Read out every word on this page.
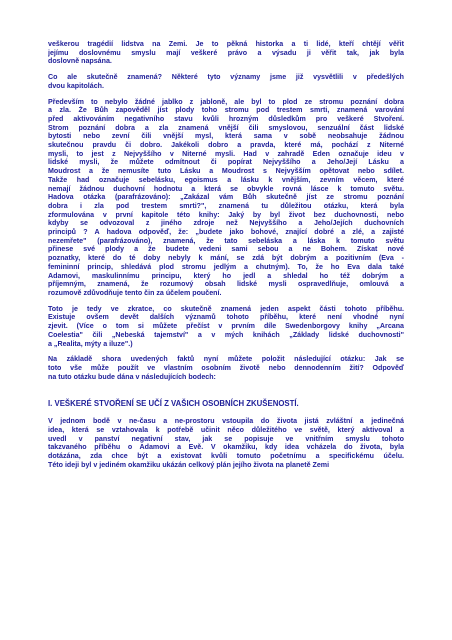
veškerou tragédií lidstva na Zemi. Je to pěkná historka a ti lidé, kteří chtějí věřit
jejímu doslovnému smyslu mají veškeré právo a výsadu ji věřit tak, jak byla
doslovně napsána.
Co ale skutečně znamená? Některé tyto významy jsme již vysvětlili v předešlých
dvou kapitolách.
Především to nebylo žádné jablko z jabloně, ale byl to plod ze stromu poznání dobra
a zla. Že Bůh zapověděl jíst plody toho stromu pod trestem smrti, znamená varování
před aktivováním negativního stavu kvůli hrozným důsledkům pro veškeré Stvoření.
Strom poznání dobra a zla znamená vnější čili smyslovou, senzuální část lidské
bytosti nebo zevní čili vnější mysl, která sama v sobě neobsahuje žádnou
skutečnou pravdu či dobro. Jakékoli dobro a pravda, které má, pochází z Niterné
mysli, to jest z Nejvyššího v Niterné mysli. Had v zahradě Eden označuje ideu v
lidské mysli, že můžete odmítnout či popírat Nejvyššího a Jeho/Její Lásku a
Moudrost a že nemusíte tuto Lásku a Moudrost s Nejvyšším opětovat nebo sdílet.
Takže had označuje sebelásku, egoismus a lásku k vnějším, zevním věcem, které
nemají žádnou duchovní hodnotu a která se obvykle rovná lásce k tomuto světu.
Hadova otázka (parafrázováno): „Zakázal vám Bůh skutečně jíst ze stromu poznání
dobra i zla pod trestem smrti?", znamená tu důležitou otázku, která byla
zformulována v první kapitole této knihy: Jaký by byl život bez duchovnosti, nebo
kdyby se odvozoval z jiného zdroje než Nejvyššího a Jeho/Jejích duchovních
principů ? A hadova odpověď, že: „budete jako bohové, znající dobré a zlé, a zajisté
nezemřete" (parafrázováno), znamená, že tato sebeláska a láska k tomuto světu
přinese své plody a že budete vedeni sami sebou a ne Bohem. Získat nové
poznatky, které do té doby nebyly k mání, se zdá být dobrým a pozitivním (Eva -
femininní princip, shledává plod stromu jedlým a chutným). To, že ho Eva dala také
Adamovi, maskulinnímu principu, který ho jedl a shledal ho též dobrým a
příjemným, znamená, že rozumový obsah lidské mysli ospravedlňuje, omlouvá a
rozumově zdůvodňuje tento čin za účelem poučení.
Toto je tedy ve zkratce, co skutečně znamená jeden aspekt části tohoto příběhu.
Existuje ovšem devět dalších významů tohoto příběhu, které není vhodné nyní
zjevit. (Více o tom si můžete přečíst v prvním díle Swedenborgovy knihy „Arcana
Coelestia" čili „Nebeská tajemství" a v mých knihách „Základy lidské duchovnosti"
a „Realita, mýty a iluze".)
Na základě shora uvedených faktů nyní můžete položit následující otázku: Jak se
toto vše může použít ve vlastním osobním životě nebo dennodenním žití? Odpověď
na tuto otázku bude dána v následujících bodech:
I. VEŠKERÉ STVOŘENÍ SE UČÍ Z VAŠICH OSOBNÍCH ZKUŠENOSTÍ.
V jednom bodě v ne-času a ne-prostoru vstoupila do života jistá zvláštní a jedinečná
idea, která se vztahovala k potřebě učinit něco důležitého ve světě, který aktivoval a
uvedl v panství negativní stav, jak se popisuje ve vnitřním smyslu tohoto
takzvaného příběhu o Adamovi a Evě. V okamžiku, kdy idea vcházela do života, byla
dotázána, zda chce být a existovat kvůli tomuto početnímu a specifickému účelu.
Této ideji byl v jediném okamžiku ukázán celkový plán jejího života na planetě Zemi
